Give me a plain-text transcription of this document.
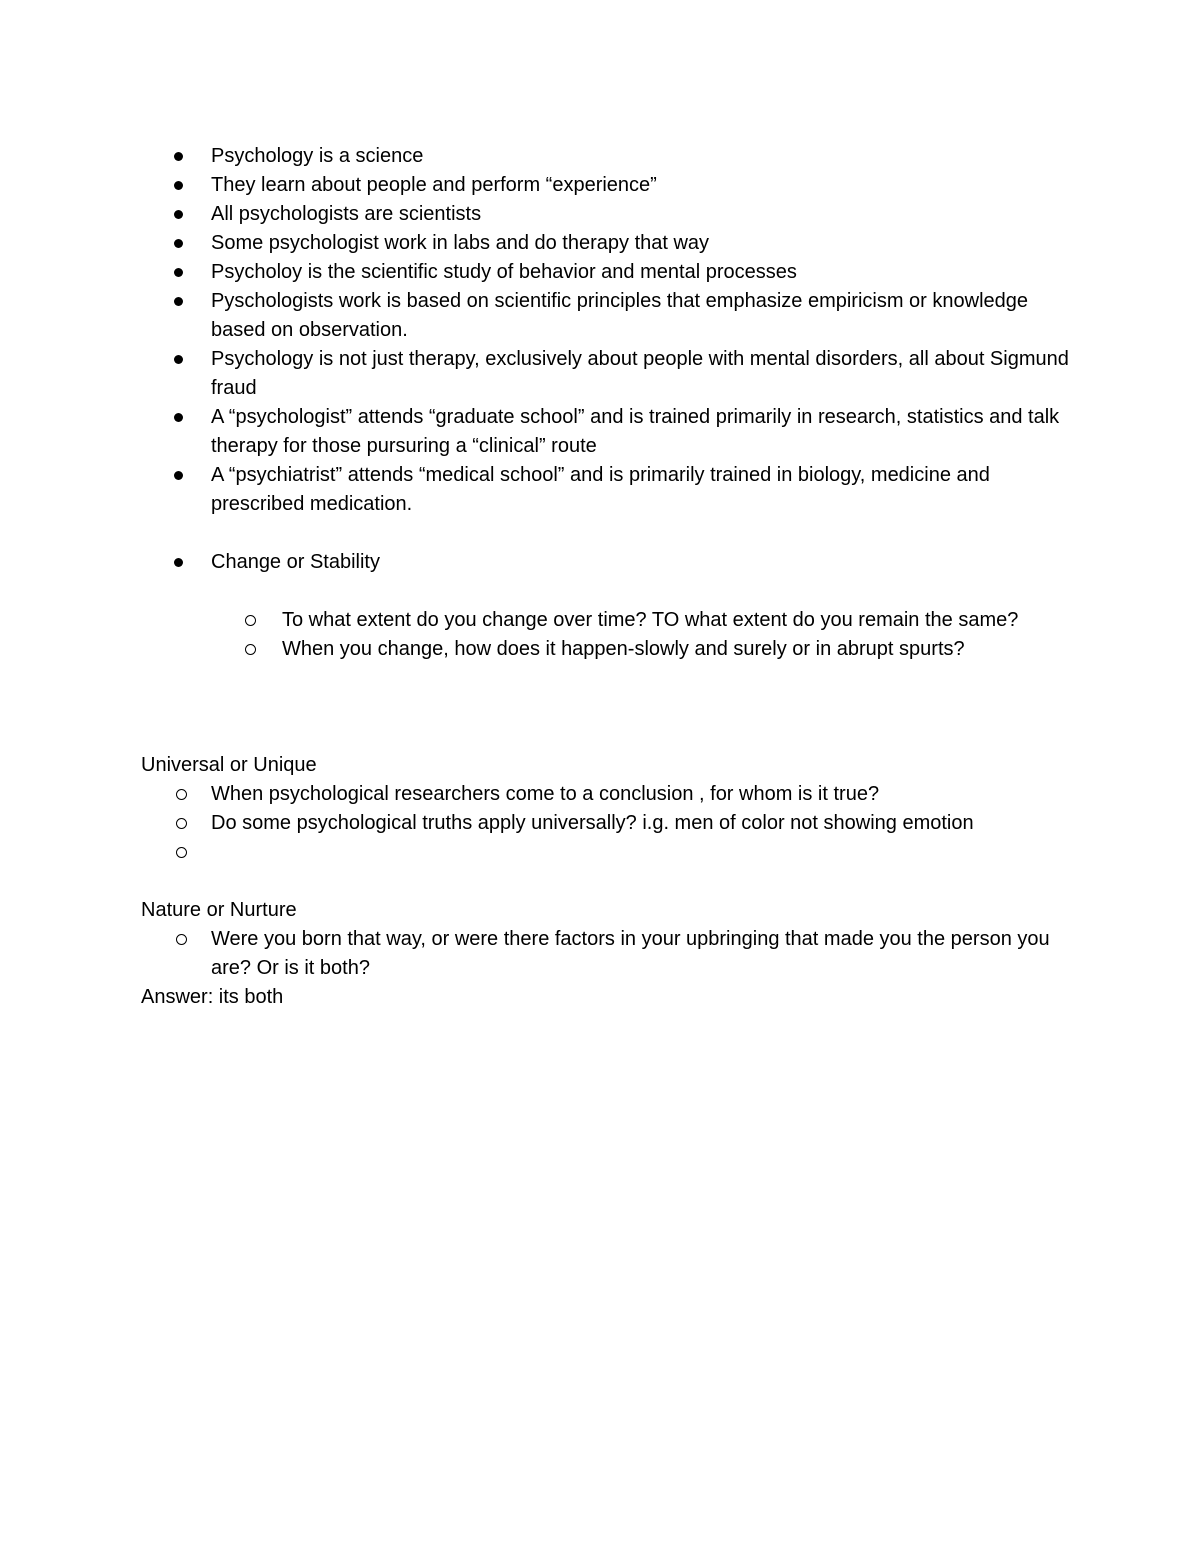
Psychology is a science
They learn about people and perform “experience”
All psychologists are scientists
Some psychologist work in labs and do therapy that way
Psycholoy is the scientific study of behavior and mental processes
Pyschologists work is based on scientific principles that emphasize empiricism or knowledge based on observation.
Psychology is not just therapy, exclusively about people with mental disorders, all about Sigmund fraud
A “psychologist” attends “graduate school” and is trained primarily in research, statistics and talk therapy for those pursuring a “clinical” route
A “psychiatrist” attends “medical school” and is primarily trained in biology, medicine and prescribed medication.
Change or Stability
To what extent do you change over time? TO what extent do you remain the same?
When you change, how does it happen-slowly and surely or in abrupt spurts?

Universal or Unique

When psychological researchers come to a conclusion , for whom is it true?
Do some psychological truths apply universally? i.g. men of color not showing emotion

Nature or Nurture

Were you born that way, or were there factors in your upbringing that made you the person you are? Or is it both?

Answer: its both
